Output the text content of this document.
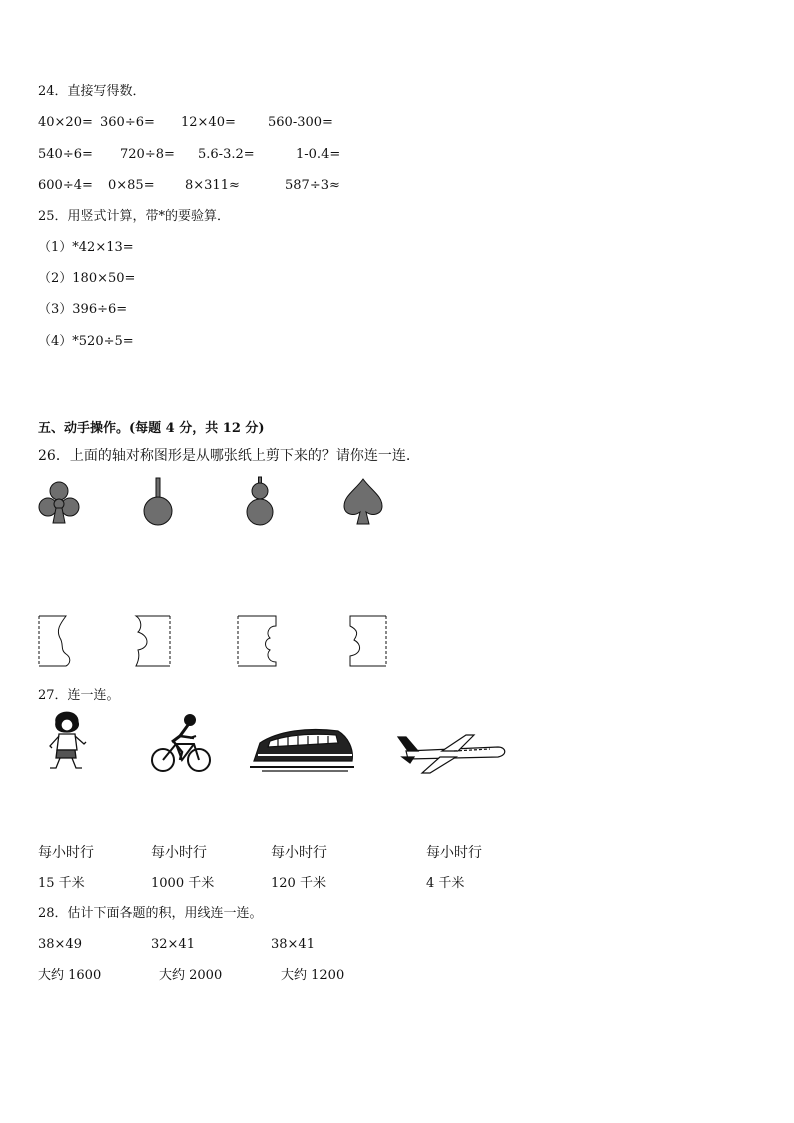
24．直接写得数．
40×20= 360÷6= 12×40= 560-300=
540÷6= 720÷8= 5.6-3.2=	1-0.4=
600÷4= 0×85= 8×311≈	587÷3≈
25．用竖式计算，带*的要验算．
（1）*42×13=
（2）180×50=
（3）396÷6=
（4）*520÷5=
五、动手操作。(每题 4 分，共 12 分)
26．上面的轴对称图形是从哪张纸上剪下来的？请你连一连.
27．连一连。
每小时行	每小时行	每小时行	每小时行
15 千米	1000 千米	120 千米	4 千米
28．估计下面各题的积，用线连一连。
38×49	32×41	38×41
大约 1600	大约 2000	大约 1200
